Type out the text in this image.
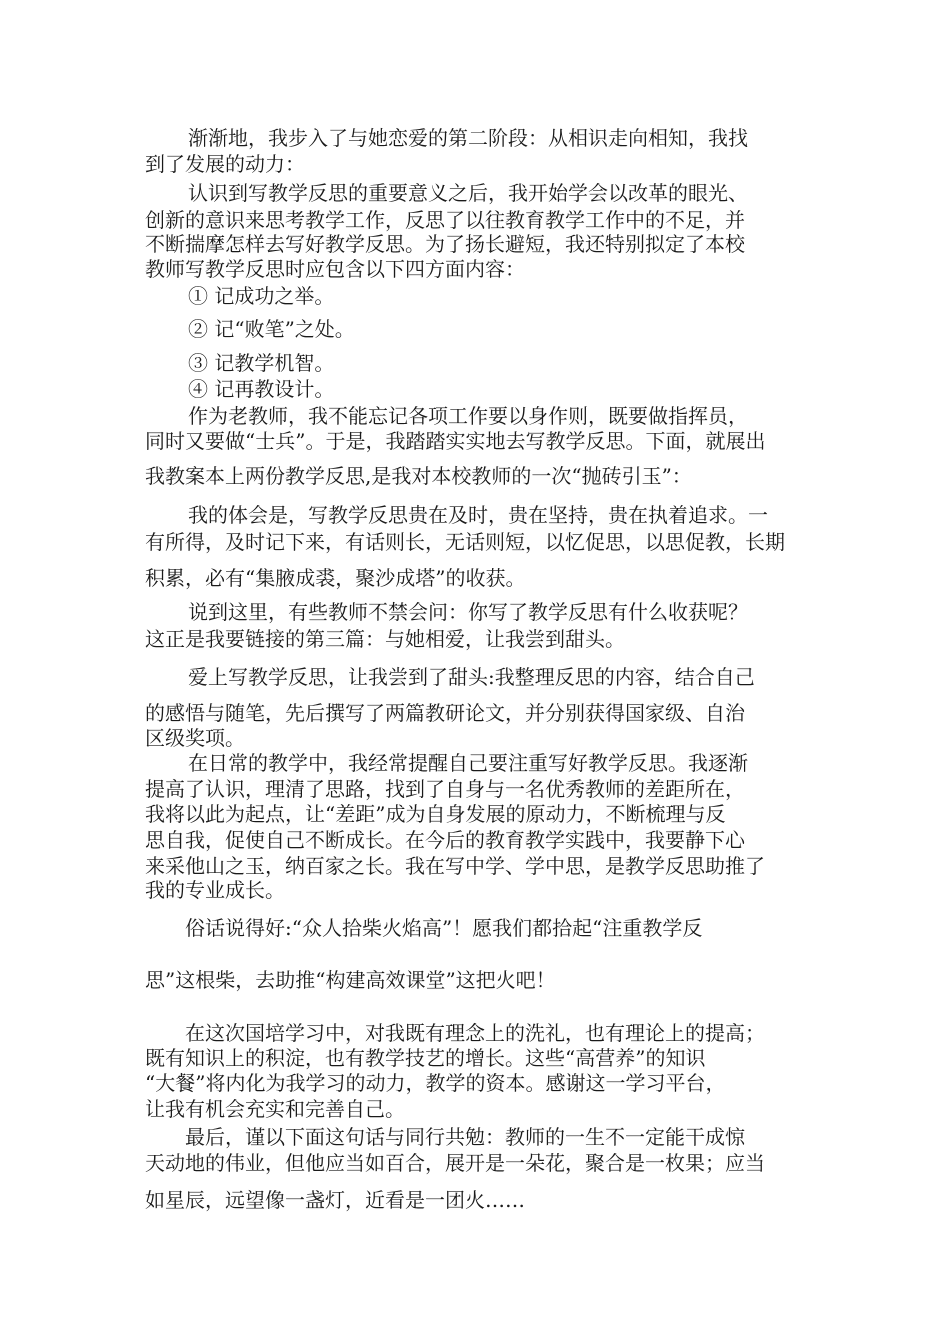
渐渐地，我步入了与她恋爱的第二阶段：从相识走向相知，我找
到了发展的动力：
认识到写教学反思的重要意义之后，我开始学会以改革的眼光、
创新的意识来思考教学工作，反思了以往教育教学工作中的不足，并
不断揣摩怎样去写好教学反思。为了扬长避短，我还特别拟定了本校
教师写教学反思时应包含以下四方面内容：
① 记成功之举。
② 记“败笔”之处。
③ 记教学机智。
④ 记再教设计。
作为老教师，我不能忘记各项工作要以身作则，既要做指挥员，
同时又要做“士兵”。于是，我踏踏实实地去写教学反思。下面，就展出
我教案本上两份教学反思,是我对本校教师的一次“抛砖引玉”：
我的体会是，写教学反思贵在及时，贵在坚持，贵在执着追求。一
有所得，及时记下来，有话则长，无话则短，以忆促思，以思促教，长期
积累，必有“集腋成裘，聚沙成塔”的收获。
说到这里，有些教师不禁会问：你写了教学反思有什么收获呢？
这正是我要链接的第三篇：与她相爱，让我尝到甜头。
爱上写教学反思，让我尝到了甜头:我整理反思的内容，结合自己
的感悟与随笔，先后撰写了两篇教研论文，并分别获得国家级、自治
区级奖项。
在日常的教学中，我经常提醒自己要注重写好教学反思。我逐渐
提高了认识，理清了思路，找到了自身与一名优秀教师的差距所在，
我将以此为起点，让“差距”成为自身发展的原动力，不断梳理与反
思自我，促使自己不断成长。在今后的教育教学实践中，我要静下心
来采他山之玉，纳百家之长。我在写中学、学中思，是教学反思助推了
我的专业成长。
俗话说得好:“众人拾柴火焰高”！愿我们都拾起“注重教学反
思”这根柴，去助推“构建高效课堂”这把火吧！
在这次国培学习中，对我既有理念上的洗礼，也有理论上的提高；
既有知识上的积淀，也有教学技艺的增长。这些“高营养”的知识
“大餐”将内化为我学习的动力，教学的资本。感谢这一学习平台，
让我有机会充实和完善自己。
最后，谨以下面这句话与同行共勉：教师的一生不一定能干成惊
天动地的伟业，但他应当如百合，展开是一朵花，聚合是一枚果；应当
如星辰，远望像一盏灯，近看是一团火……
